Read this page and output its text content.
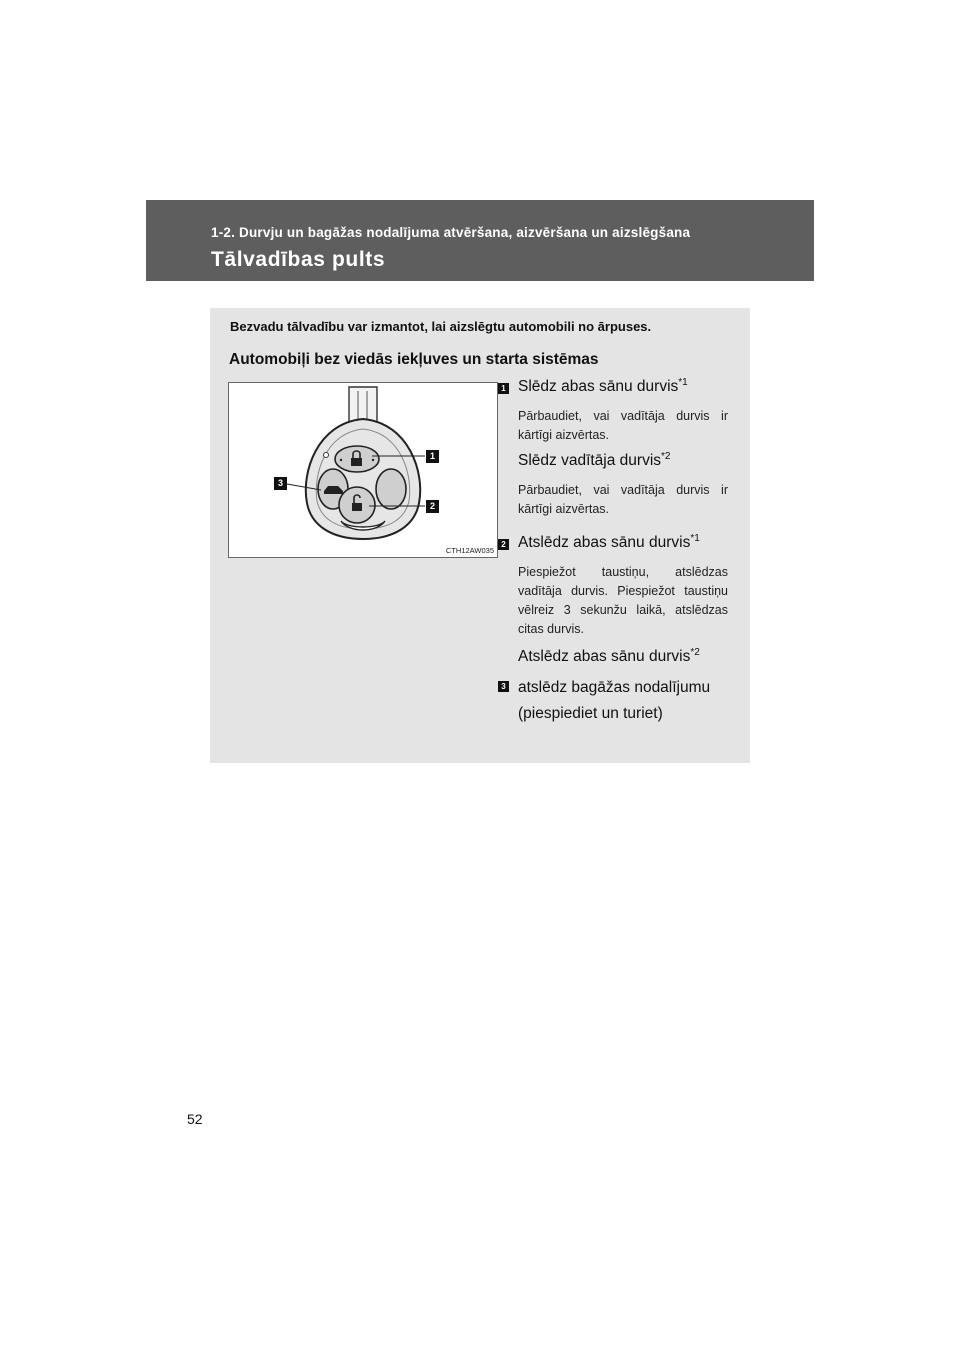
1-2. Durvju un bagāžas nodalījuma atvēršana, aizvēršana un aizslēgšana
Tālvadības pults
Bezvadu tālvadību var izmantot, lai aizslēgtu automobili no ārpuses.
Automobiļi bez viedās iekļuves un starta sistēmas
1
2
3
CTH12AW035
1 Slēdz abas sānu durvis$^{*1}$
Pārbaudiet, vai vadītāja durvis ir kārtīgi aizvērtas.
Slēdz vadītāja durvis$^{*2}$
Pārbaudiet, vai vadītāja durvis ir kārtīgi aizvērtas.
2 Atslēdz abas sānu durvis$^{*1}$
Piespiežot taustiņu, atslēdzas vadītāja durvis. Piespiežot taustiņu vēlreiz 3 sekunžu laikā, atslēdzas citas durvis.
Atslēdz abas sānu durvis$^{*2}$
3 atslēdz bagāžas nodalījumu (piespiediet un turiet)
52
